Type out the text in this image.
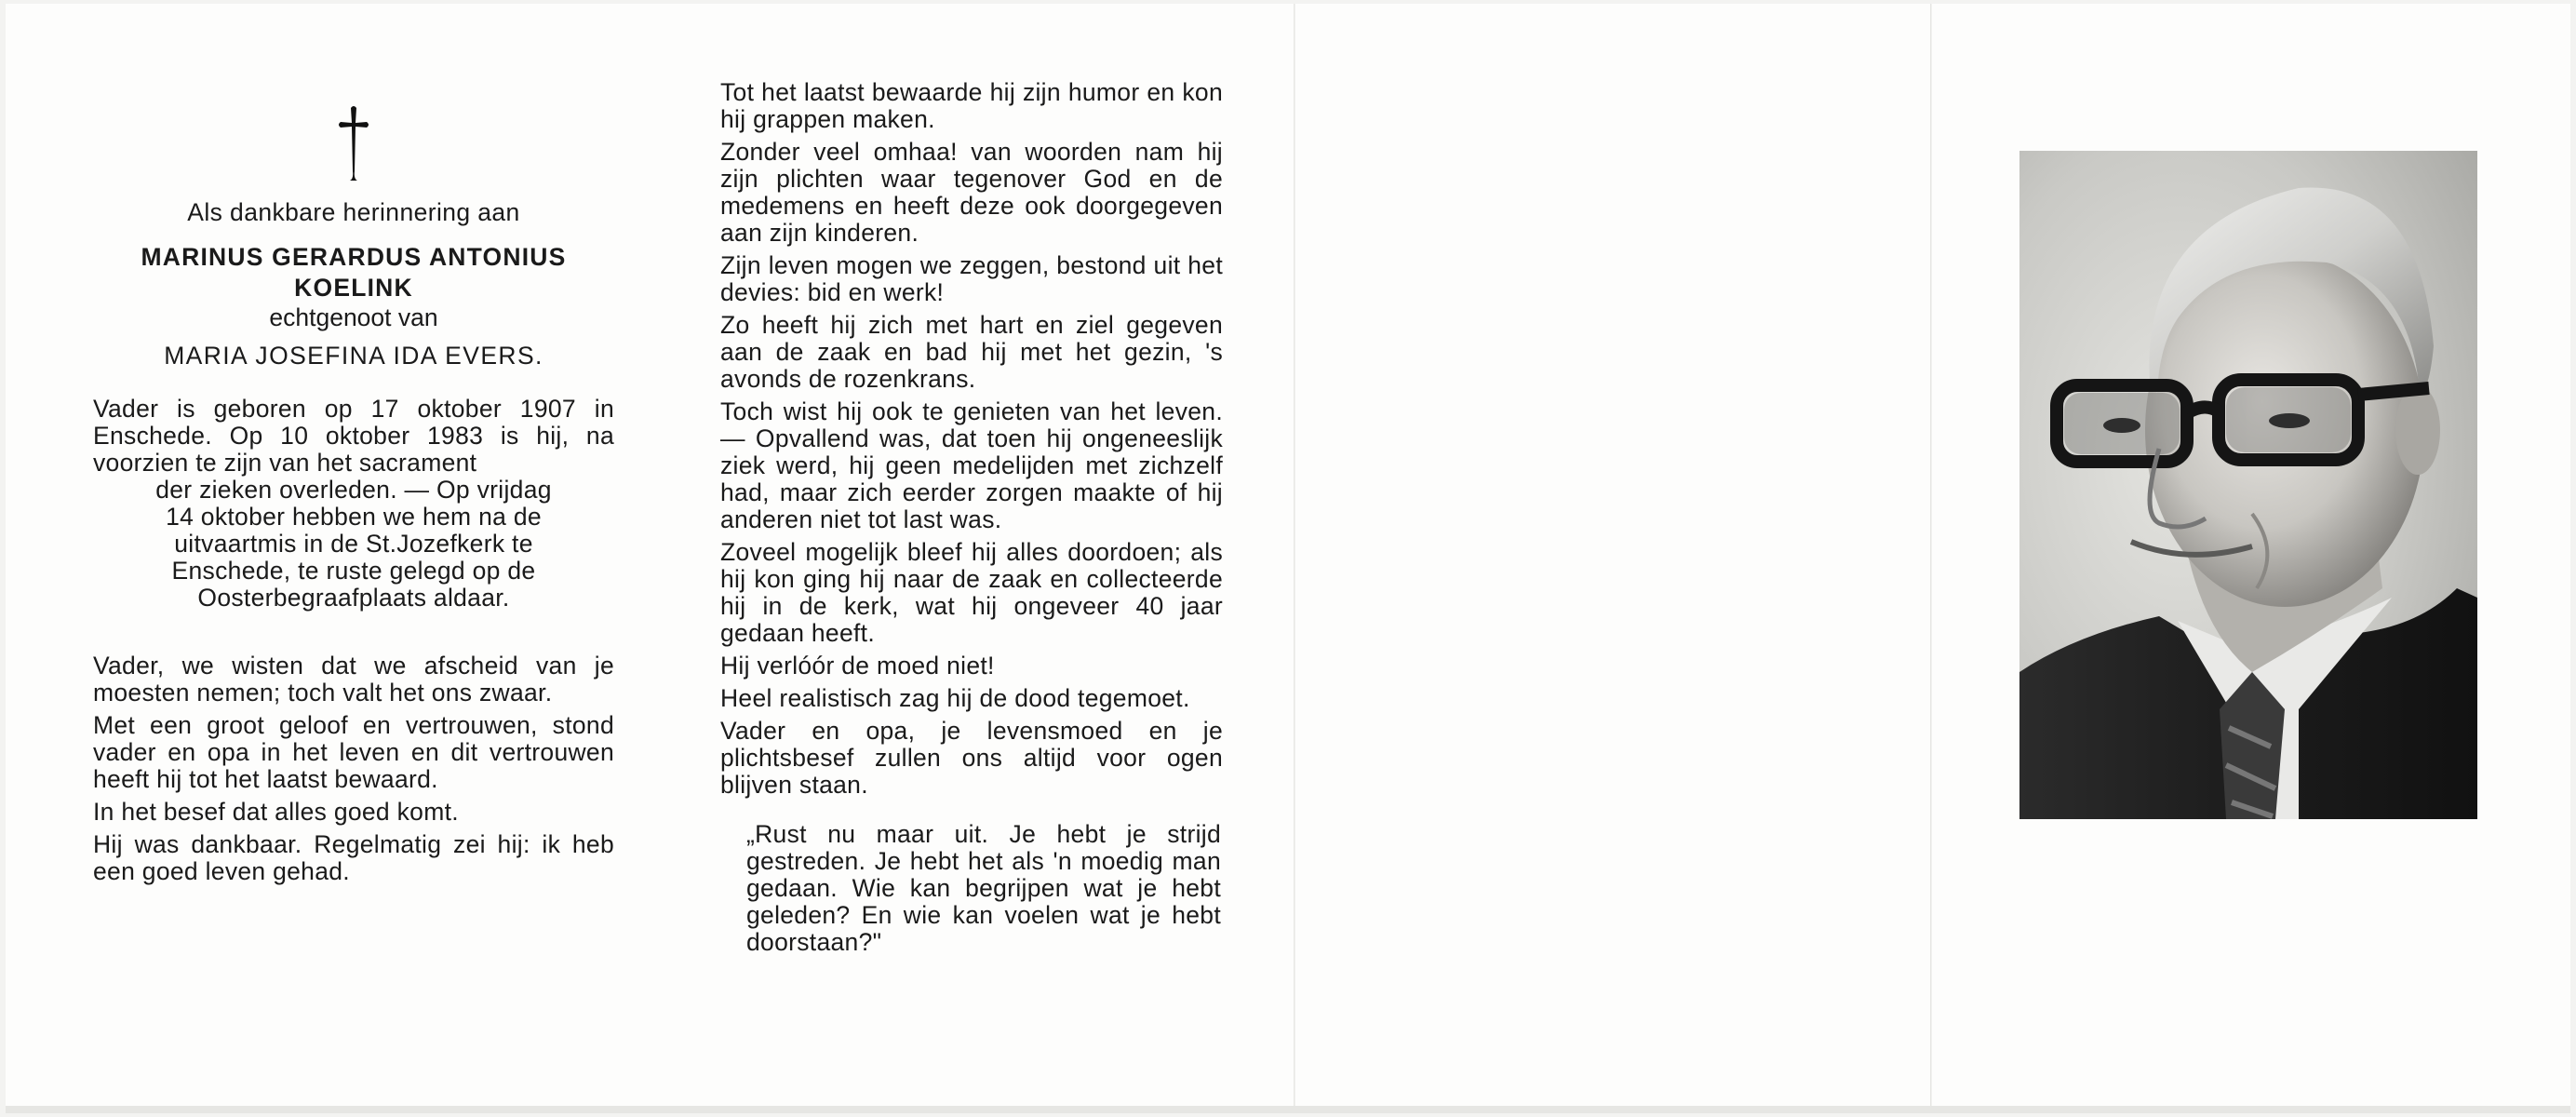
Als dankbare herinnering aan
MARINUS GERARDUS ANTONIUS
KOELINK
echtgenoot van
MARIA JOSEFINA IDA EVERS.
Vader is geboren op 17 oktober 1907 in Enschede. Op 10 oktober 1983 is hij, na voorzien te zijn van het sacrament
der zieken overleden. — Op vrijdag
14 oktober hebben we hem na de
uitvaartmis in de St.Jozefkerk te
Enschede, te ruste gelegd op de
Oosterbegraafplaats aldaar.
Vader, we wisten dat we afscheid van je moesten nemen; toch valt het ons zwaar.
Met een groot geloof en vertrouwen, stond vader en opa in het leven en dit vertrouwen heeft hij tot het laatst bewaard.
In het besef dat alles goed komt.
Hij was dankbaar. Regelmatig zei hij: ik heb een goed leven gehad.
Tot het laatst bewaarde hij zijn humor en kon hij grappen maken.
Zonder veel omhaa! van woorden nam hij zijn plichten waar tegenover God en de medemens en heeft deze ook doorgegeven aan zijn kinderen.
Zijn leven mogen we zeggen, bestond uit het devies: bid en werk!
Zo heeft hij zich met hart en ziel gegeven aan de zaak en bad hij met het gezin, 's avonds de rozenkrans.
Toch wist hij ook te genieten van het leven. — Opvallend was, dat toen hij ongeneeslijk ziek werd, hij geen medelijden met zichzelf had, maar zich eerder zorgen maakte of hij anderen niet tot last was.
Zoveel mogelijk bleef hij alles doordoen; als hij kon ging hij naar de zaak en collecteerde hij in de kerk, wat hij ongeveer 40 jaar gedaan heeft.
Hij verlóór de moed niet!
Heel realistisch zag hij de dood tegemoet.
Vader en opa, je levensmoed en je plichtsbesef zullen ons altijd voor ogen blijven staan.
„Rust nu maar uit. Je hebt je strijd gestreden. Je hebt het als 'n moedig man gedaan. Wie kan begrijpen wat je hebt geleden? En wie kan voelen wat je hebt doorstaan?"
